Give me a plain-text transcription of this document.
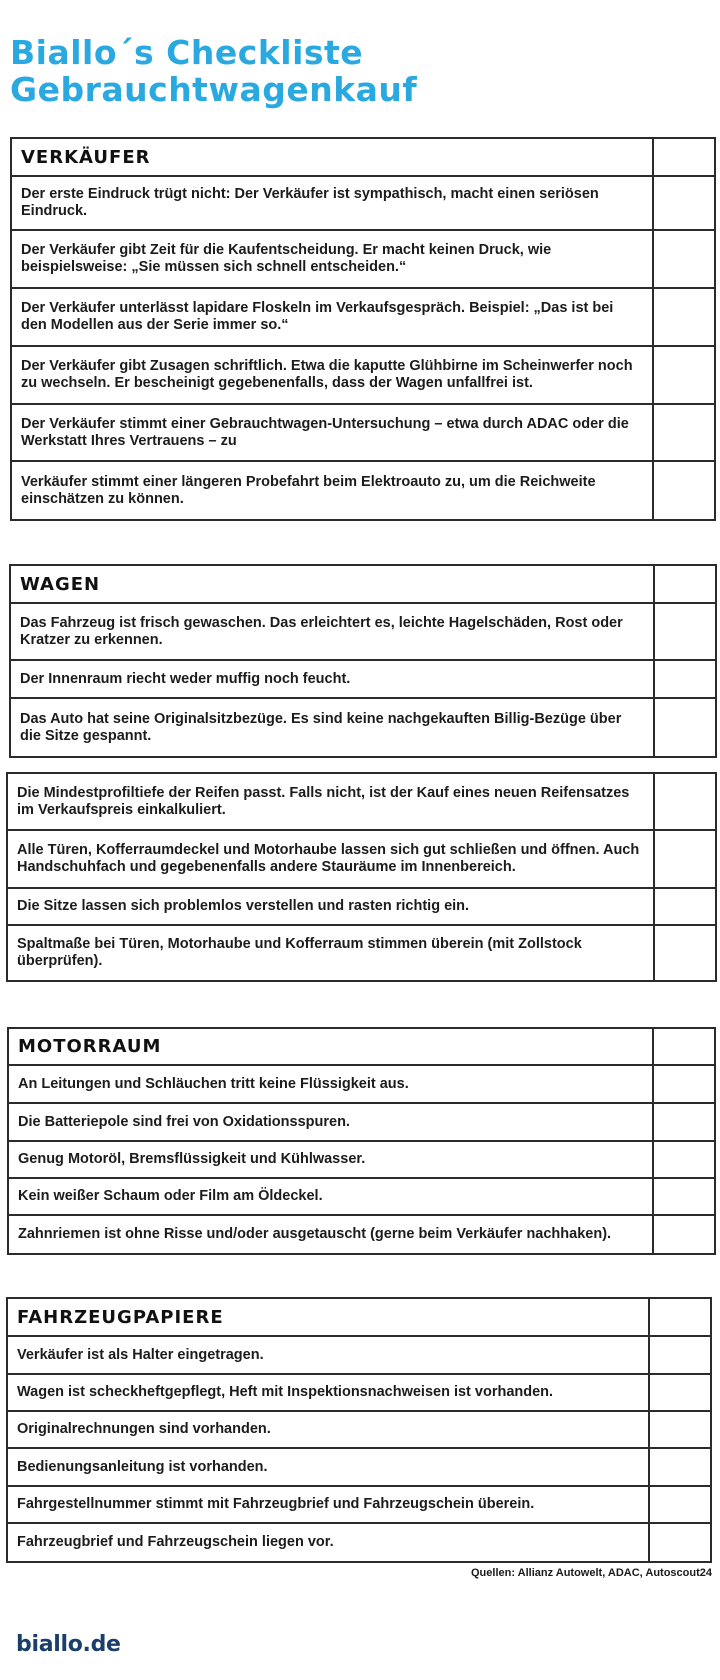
Biallo´s Checkliste
Gebrauchtwagenkauf
VERKÄUFER
Der erste Eindruck trügt nicht: Der Verkäufer ist sympathisch, macht einen seriösen Eindruck.
Der Verkäufer gibt Zeit für die Kaufentscheidung. Er macht keinen Druck, wie beispielsweise: „Sie müssen sich schnell entscheiden.“
Der Verkäufer unterlässt lapidare Floskeln im Verkaufsgespräch. Beispiel: „Das ist bei den Modellen aus der Serie immer so.“
Der Verkäufer gibt Zusagen schriftlich. Etwa die kaputte Glühbirne im Scheinwerfer noch zu wechseln. Er bescheinigt gegebenenfalls, dass der Wagen unfallfrei ist.
Der Verkäufer stimmt einer Gebrauchtwagen-Untersuchung – etwa durch ADAC oder die Werkstatt Ihres Vertrauens – zu
Verkäufer stimmt einer längeren Probefahrt beim Elektroauto zu, um die Reichweite einschätzen zu können.
WAGEN
Das Fahrzeug ist frisch gewaschen. Das erleichtert es, leichte Hagelschäden, Rost oder Kratzer zu erkennen.
Der Innenraum riecht weder muffig noch feucht.
Das Auto hat seine Originalsitzbezüge. Es sind keine nachgekauften Billig-Bezüge über die Sitze gespannt.
Die Mindestprofiltiefe der Reifen passt. Falls nicht, ist der Kauf eines neuen Reifensatzes im Verkaufspreis einkalkuliert.
Alle Türen, Kofferraumdeckel und Motorhaube lassen sich gut schließen und öffnen. Auch Handschuhfach und gegebenenfalls andere Stauräume im Innenbereich.
Die Sitze lassen sich problemlos verstellen und rasten richtig ein.
Spaltmaße bei Türen, Motorhaube und Kofferraum stimmen überein (mit Zollstock überprüfen).
MOTORRAUM
An Leitungen und Schläuchen tritt keine Flüssigkeit aus.
Die Batteriepole sind frei von Oxidationsspuren.
Genug Motoröl, Bremsflüssigkeit und Kühlwasser.
Kein weißer Schaum oder Film am Öldeckel.
Zahnriemen ist ohne Risse und/oder ausgetauscht (gerne beim Verkäufer nachhaken).
FAHRZEUGPAPIERE
Verkäufer ist als Halter eingetragen.
Wagen ist scheckheftgepflegt, Heft mit Inspektionsnachweisen ist vorhanden.
Originalrechnungen sind vorhanden.
Bedienungsanleitung ist vorhanden.
Fahrgestellnummer stimmt mit Fahrzeugbrief und Fahrzeugschein überein.
Fahrzeugbrief und Fahrzeugschein liegen vor.
Quellen: Allianz Autowelt, ADAC, Autoscout24
biallo.de
